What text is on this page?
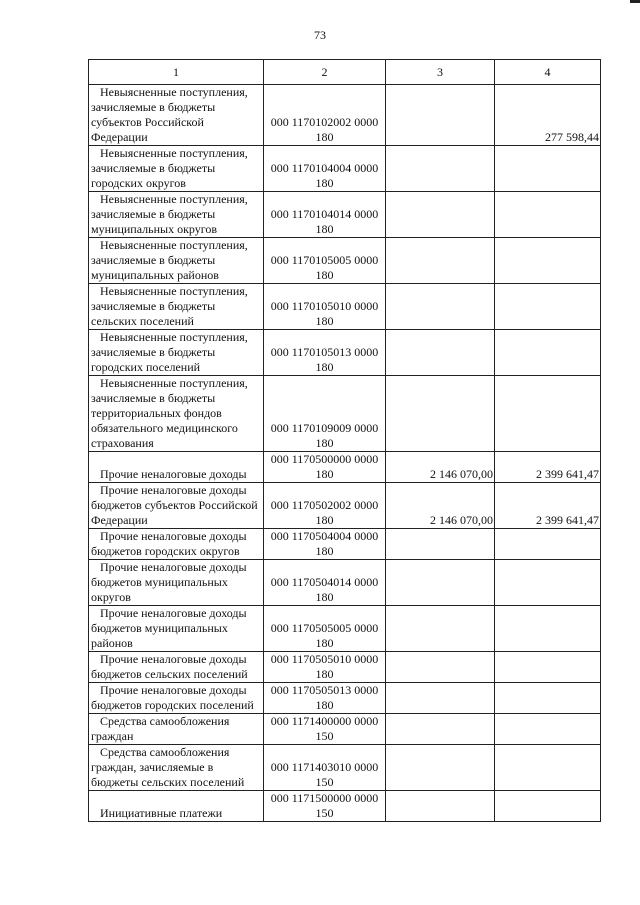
73
1	2	3	4
Невыясненные поступления, зачисляемые в бюджеты субъектов Российской Федерации	000 1170102002 0000 180		277 598,44
Невыясненные поступления, зачисляемые в бюджеты городских округов	000 1170104004 0000 180		
Невыясненные поступления, зачисляемые в бюджеты муниципальных округов	000 1170104014 0000 180		
Невыясненные поступления, зачисляемые в бюджеты муниципальных районов	000 1170105005 0000 180		
Невыясненные поступления, зачисляемые в бюджеты сельских поселений	000 1170105010 0000 180		
Невыясненные поступления, зачисляемые в бюджеты городских поселений	000 1170105013 0000 180		
Невыясненные поступления, зачисляемые в бюджеты территориальных фондов обязательного медицинского страхования	000 1170109009 0000 180		
Прочие неналоговые доходы	000 1170500000 0000 180	2 146 070,00	2 399 641,47
Прочие неналоговые доходы бюджетов субъектов Российской Федерации	000 1170502002 0000 180	2 146 070,00	2 399 641,47
Прочие неналоговые доходы бюджетов городских округов	000 1170504004 0000 180		
Прочие неналоговые доходы бюджетов муниципальных округов	000 1170504014 0000 180		
Прочие неналоговые доходы бюджетов муниципальных районов	000 1170505005 0000 180		
Прочие неналоговые доходы бюджетов сельских поселений	000 1170505010 0000 180		
Прочие неналоговые доходы бюджетов городских поселений	000 1170505013 0000 180		
Средства самообложения граждан	000 1171400000 0000 150		
Средства самообложения граждан, зачисляемые в бюджеты сельских поселений	000 1171403010 0000 150		
Инициативные платежи	000 1171500000 0000 150		
